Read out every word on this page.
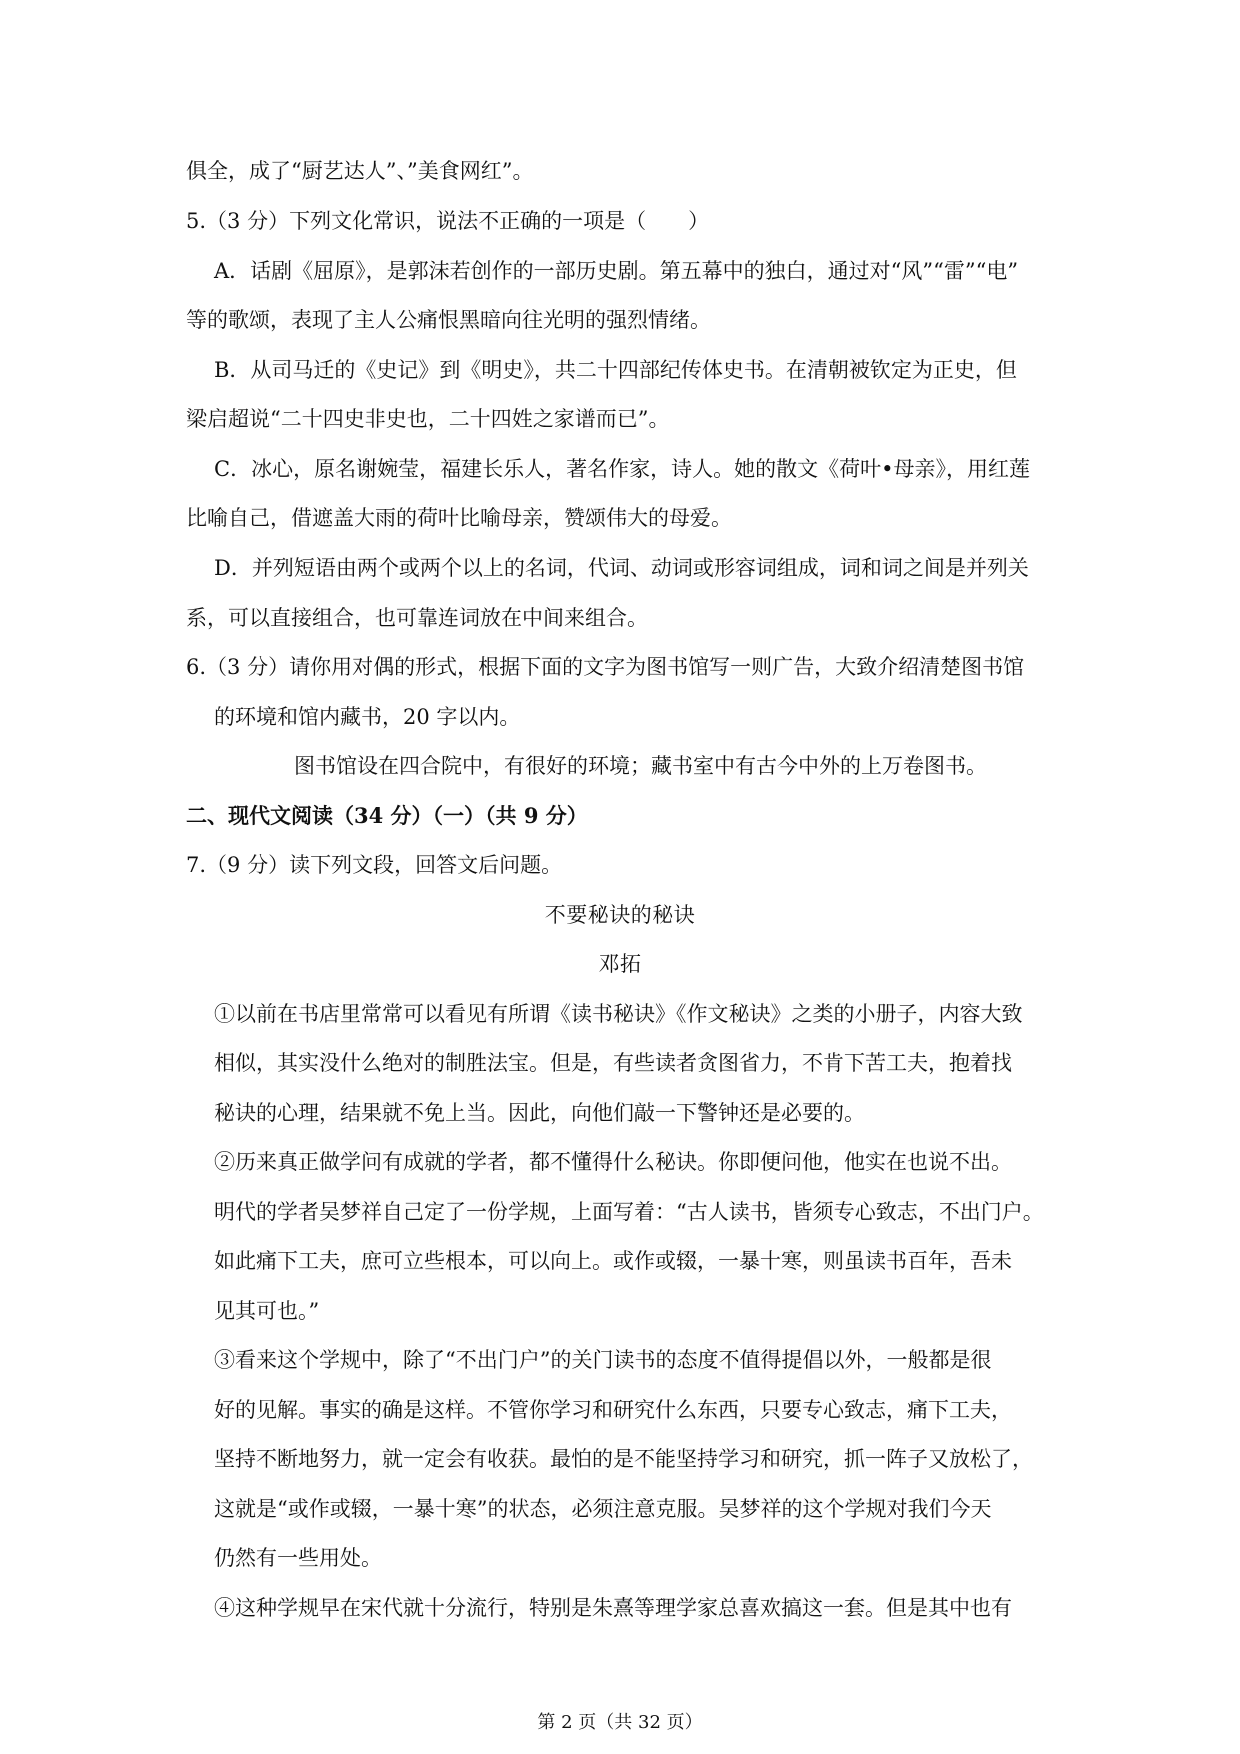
俱全，成了“厨艺达人”、”美食网红”。

5.（3 分）下列文化常识，说法不正确的一项是（　　）

A．话剧《屈原》，是郭沫若创作的一部历史剧。第五幕中的独白，通过对“风”“雷”“电”

等的歌颂，表现了主人公痛恨黑暗向往光明的强烈情绪。

B．从司马迁的《史记》到《明史》，共二十四部纪传体史书。在清朝被钦定为正史，但

梁启超说“二十四史非史也，二十四姓之家谱而已”。

C．冰心，原名谢婉莹，福建长乐人，著名作家，诗人。她的散文《荷叶•母亲》，用红莲

比喻自己，借遮盖大雨的荷叶比喻母亲，赞颂伟大的母爱。

D．并列短语由两个或两个以上的名词，代词、动词或形容词组成，词和词之间是并列关

系，可以直接组合，也可靠连词放在中间来组合。

6.（3 分）请你用对偶的形式，根据下面的文字为图书馆写一则广告，大致介绍清楚图书馆

的环境和馆内藏书，20 字以内。

图书馆设在四合院中，有很好的环境；藏书室中有古今中外的上万卷图书。

二、现代文阅读（34 分）（一）（共 9 分）

7.（9 分）读下列文段，回答文后问题。

不要秘诀的秘诀

邓拓

①以前在书店里常常可以看见有所谓《读书秘诀》《作文秘诀》之类的小册子，内容大致

相似，其实没什么绝对的制胜法宝。但是，有些读者贪图省力，不肯下苦工夫，抱着找

秘诀的心理，结果就不免上当。因此，向他们敲一下警钟还是必要的。

②历来真正做学问有成就的学者，都不懂得什么秘诀。你即便问他，他实在也说不出。

明代的学者吴梦祥自己定了一份学规，上面写着：“古人读书，皆须专心致志，不出门户。

如此痛下工夫，庶可立些根本，可以向上。或作或辍，一暴十寒，则虽读书百年，吾未

见其可也。”

③看来这个学规中，除了“不出门户”的关门读书的态度不值得提倡以外，一般都是很

好的见解。事实的确是这样。不管你学习和研究什么东西，只要专心致志，痛下工夫，

坚持不断地努力，就一定会有收获。最怕的是不能坚持学习和研究，抓一阵子又放松了，

这就是“或作或辍，一暴十寒”的状态，必须注意克服。吴梦祥的这个学规对我们今天

仍然有一些用处。

④这种学规早在宋代就十分流行，特别是朱熹等理学家总喜欢搞这一套。但是其中也有

第 2 页（共 32 页）
